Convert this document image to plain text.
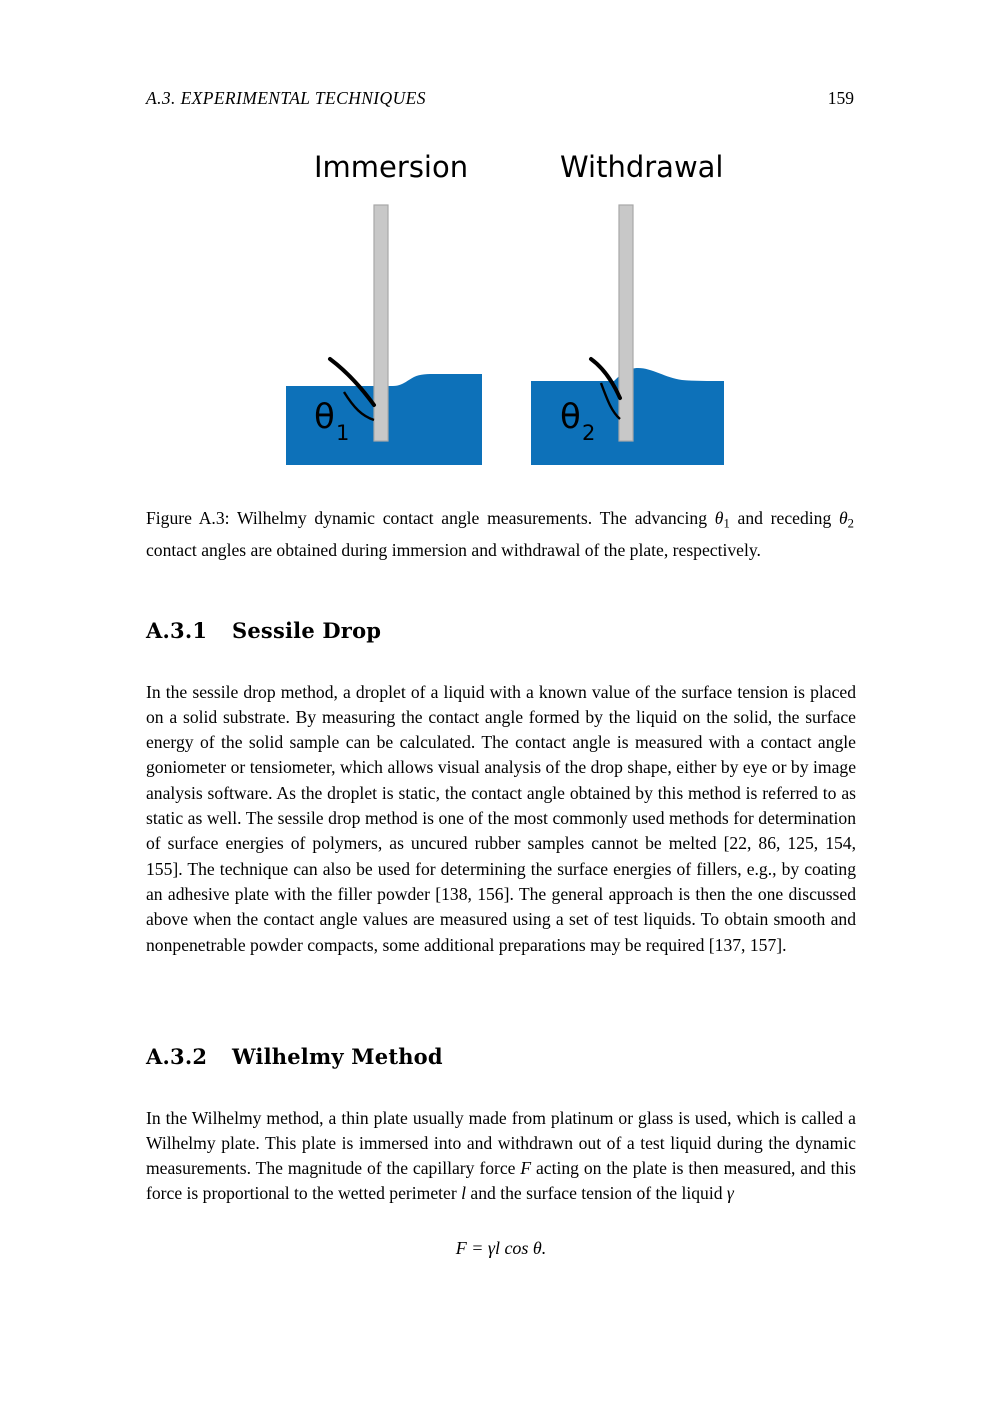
A.3. EXPERIMENTAL TECHNIQUES	159
Immersion	Withdrawal
θ 1	θ 2
Figure A.3: Wilhelmy dynamic contact angle measurements. The advancing $\theta_1$ and receding $\theta_2$ contact angles are obtained during immersion and withdrawal of the plate, respectively.
A.3.1 Sessile Drop

In the sessile drop method, a droplet of a liquid with a known value of the surface tension is placed on a solid substrate. By measuring the contact angle formed by the liquid on the solid, the surface energy of the solid sample can be calculated. The contact angle is measured with a contact angle goniometer or tensiometer, which allows visual analysis of the drop shape, either by eye or by image analysis software. As the droplet is static, the contact angle obtained by this method is referred to as static as well. The sessile drop method is one of the most commonly used methods for determination of surface energies of polymers, as uncured rubber samples cannot be melted [22, 86, 125, 154, 155]. The technique can also be used for determining the surface energies of fillers, e.g., by coating an adhesive plate with the filler powder [138, 156]. The general approach is then the one discussed above when the contact angle values are measured using a set of test liquids. To obtain smooth and nonpenetrable powder compacts, some additional preparations may be required [137, 157].

A.3.2 Wilhelmy Method

In the Wilhelmy method, a thin plate usually made from platinum or glass is used, which is called a Wilhelmy plate. This plate is immersed into and withdrawn out of a test liquid during the dynamic measurements. The magnitude of the capillary force F acting on the plate is then measured, and this force is proportional to the wetted perimeter l and the surface tension of the liquid γ

F = γl cos θ.
